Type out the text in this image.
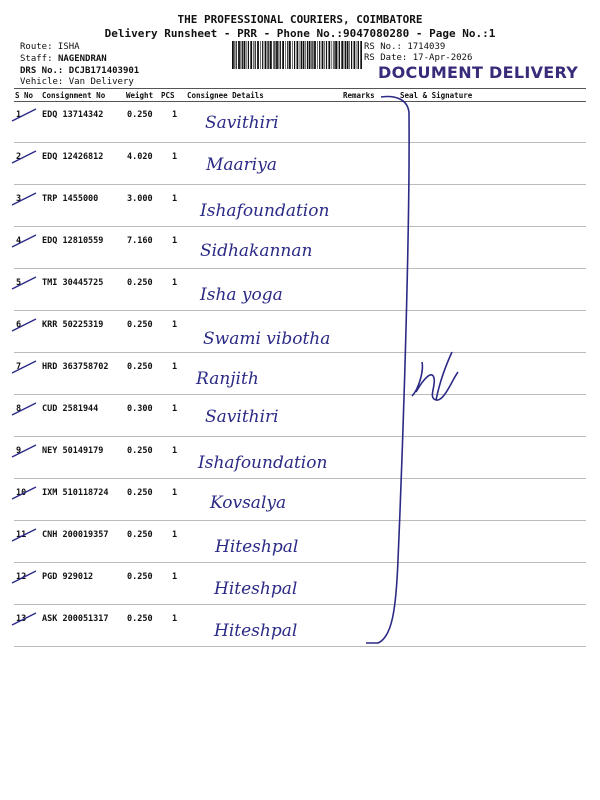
THE PROFESSIONAL COURIERS, COIMBATORE
Delivery Runsheet - PRR - Phone No.:9047080280 - Page No.:1
Route: ISHA
Staff: NAGENDRAN
DRS No.: DCJB171403901
Vehicle: Van Delivery
RS No.: 1714039
RS Date: 17-Apr-2026
DOCUMENT DELIVERY
S No Consignment No	Weight PCS Consignee Details	Remarks	Seal & Signature
1 EDQ 13714342	0.250 1 Savithiri
2 EDQ 12426812	4.020 1 Maariya
3 TRP 1455000	3.000 1
Ishafoundation
4 EDQ 12810559	7.160 1 Sidhakannan
5 TMI 30445725	0.250 1
Isha yoga
6 KRR 50225319	0.250 1
Swami vibotha
7 HRD 363758702 0.250 1
Ranjith
8 CUD 2581944	0.300 1 Savithiri
9 NEY 50149179	0.250 1
Ishafoundation
10 IXM 510118724 0.250 1 Kovsalya
11 CNH 200019357 0.250 1
Hiteshpal
12 PGD 929012	0.250 1
Hiteshpal
13 ASK 200051317 0.250 1
Hiteshpal
